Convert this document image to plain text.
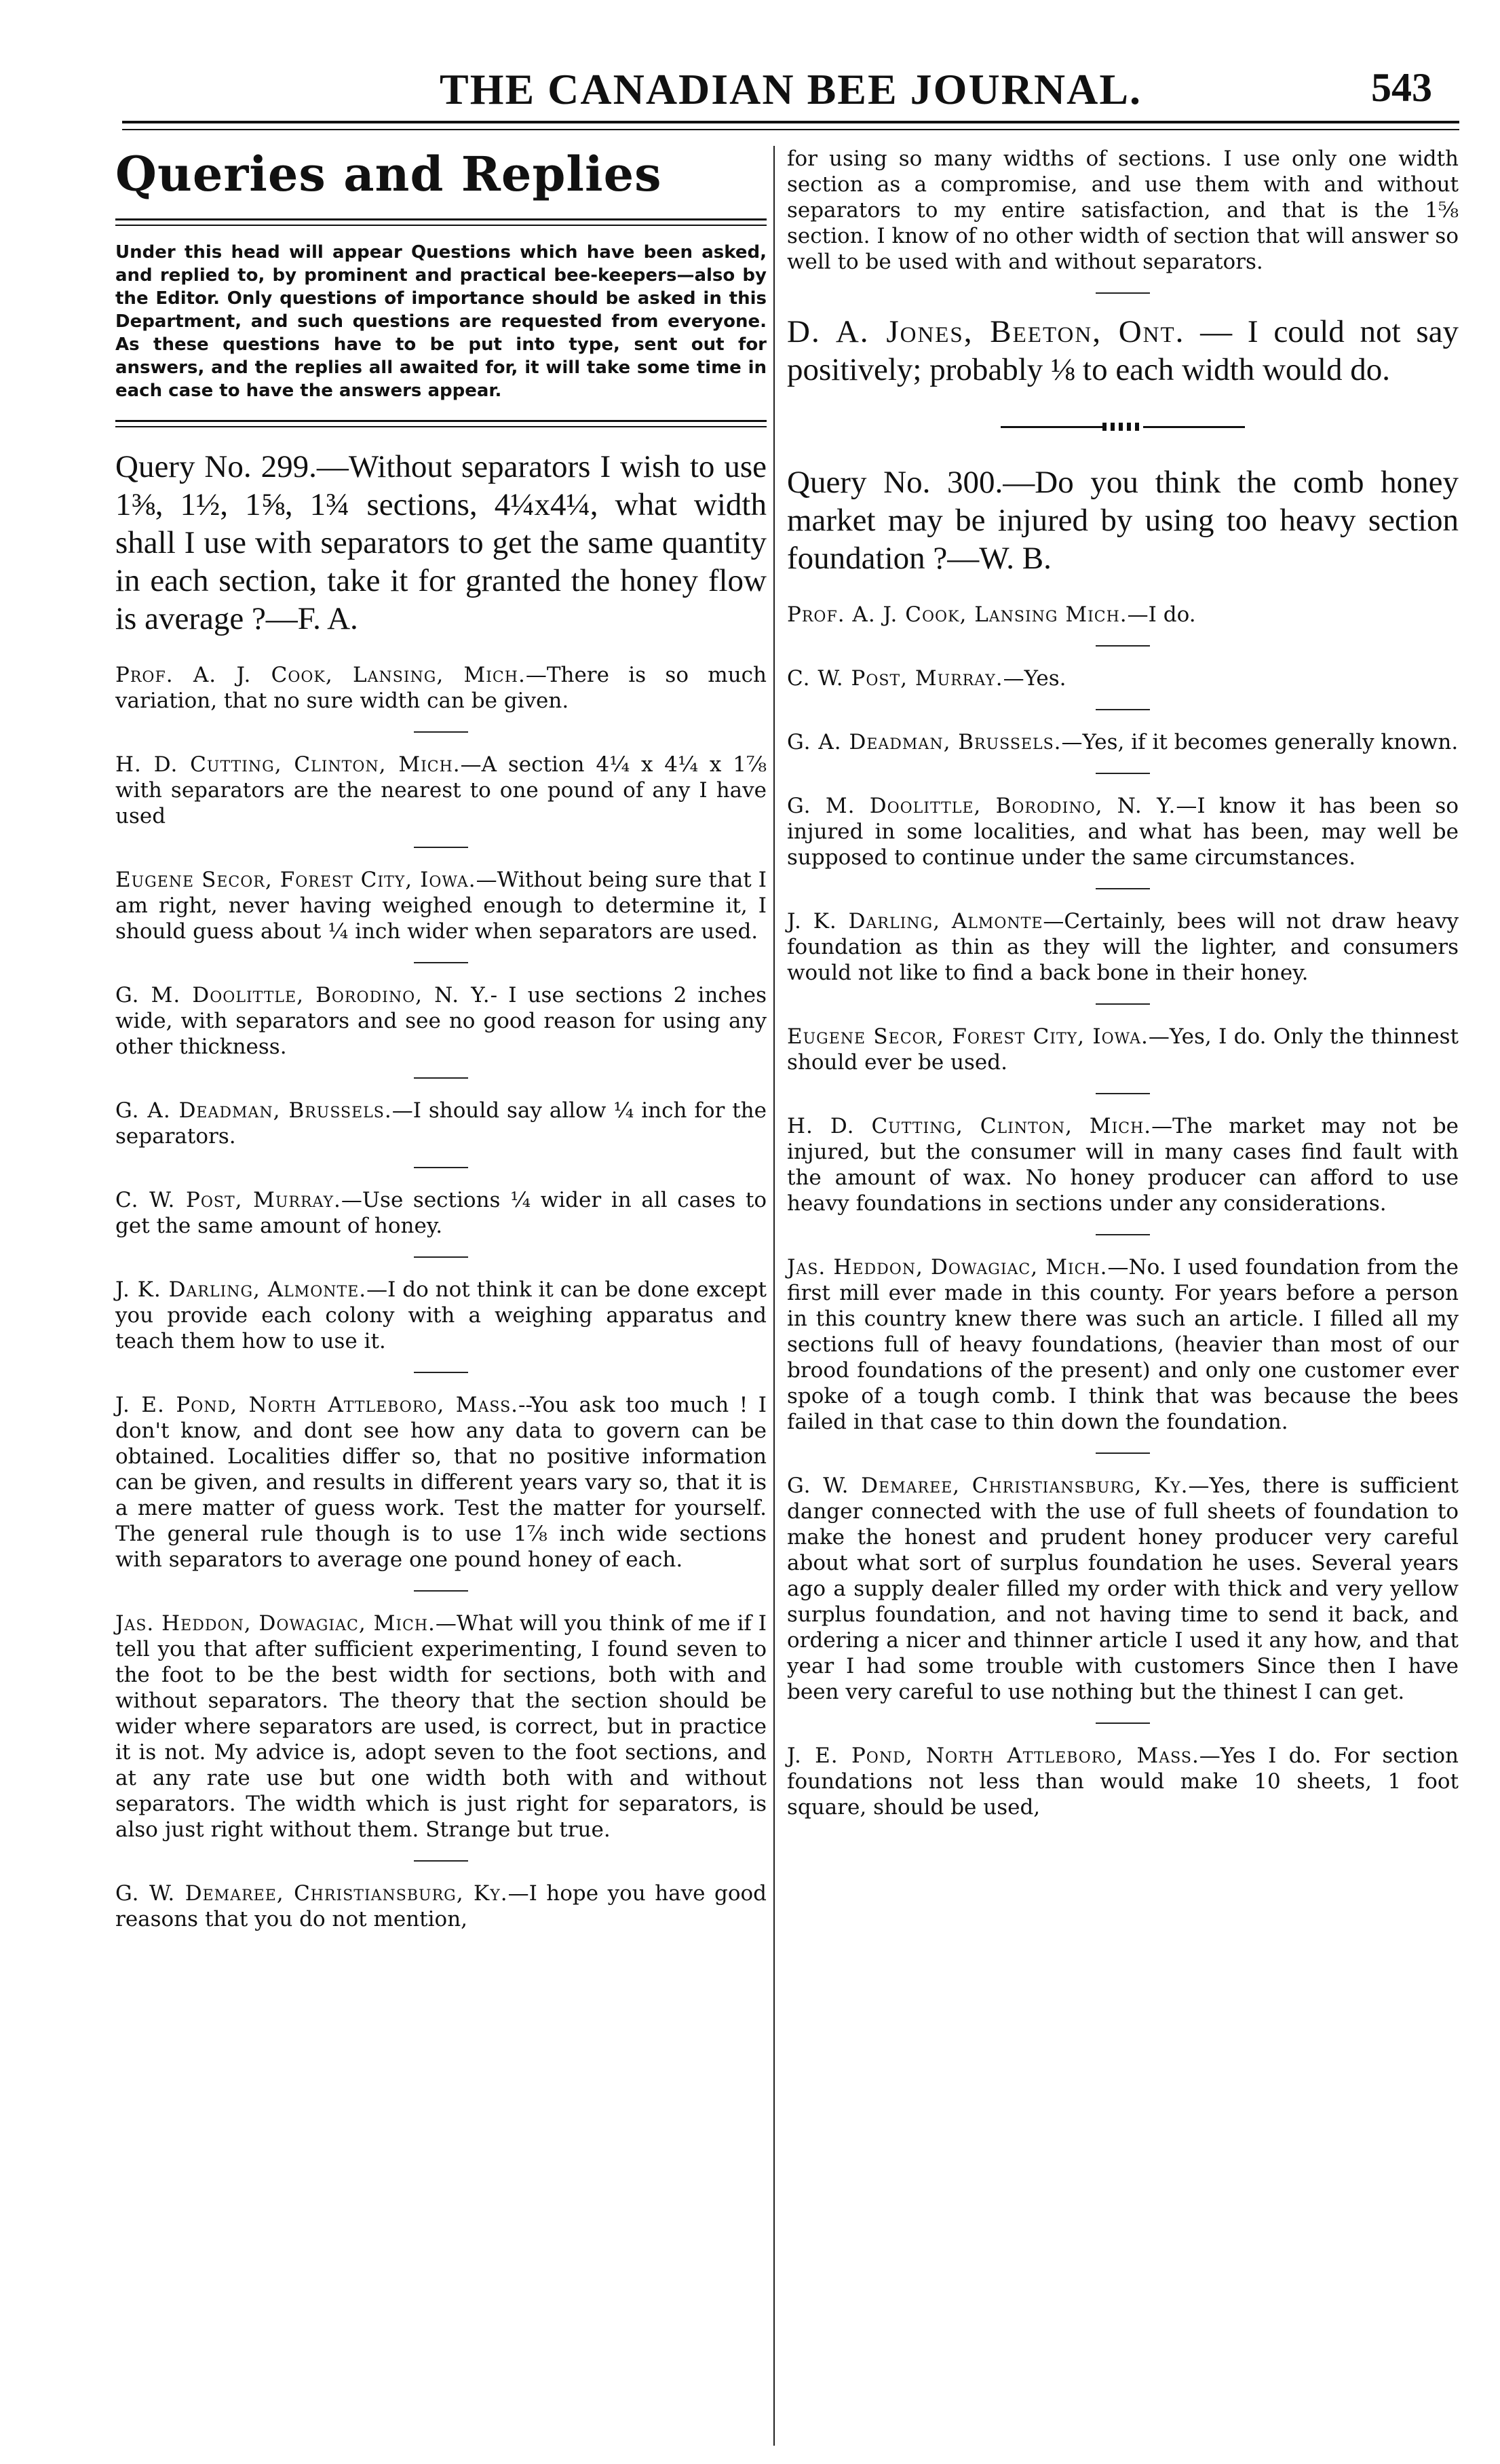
THE CANADIAN BEE JOURNAL.	543
Queries and Replies

Under this head will appear Questions which have been asked, and replied to, by prominent and practical bee-keepers—also by the Editor. Only questions of importance should be asked in this Department, and such questions are requested from everyone. As these questions have to be put into type, sent out for answers, and the replies all awaited for, it will take some time in each case to have the answers appear.

Query No. 299.—Without separators I wish to use 1⅜, 1½, 1⅝, 1¾ sections, 4¼x4¼, what width shall I use with separators to get the same quantity in each section, take it for granted the honey flow is average ?—F. A.

Prof. A. J. Cook, Lansing, Mich.—There is so much variation, that no sure width can be given.

H. D. Cutting, Clinton, Mich.—A section 4¼ x 4¼ x 1⅞ with separators are the nearest to one pound of any I have used

Eugene Secor, Forest City, Iowa.—Without being sure that I am right, never having weighed enough to determine it, I should guess about ¼ inch wider when separators are used.

G. M. Doolittle, Borodino, N. Y.- I use sections 2 inches wide, with separators and see no good reason for using any other thickness.

G. A. Deadman, Brussels.—I should say allow ¼ inch for the separators.

C. W. Post, Murray.—Use sections ¼ wider in all cases to get the same amount of honey.

J. K. Darling, Almonte.—I do not think it can be done except you provide each colony with a weighing apparatus and teach them how to use it.

J. E. Pond, North Attleboro, Mass.--You ask too much ! I don't know, and dont see how any data to govern can be obtained. Localities differ so, that no positive information can be given, and results in different years vary so, that it is a mere matter of guess work. Test the matter for yourself. The general rule though is to use 1⅞ inch wide sections with separators to average one pound honey of each.

Jas. Heddon, Dowagiac, Mich.—What will you think of me if I tell you that after sufficient experimenting, I found seven to the foot to be the best width for sections, both with and without separators. The theory that the section should be wider where separators are used, is correct, but in practice it is not. My advice is, adopt seven to the foot sections, and at any rate use but one width both with and without separators. The width which is just right for separators, is also just right without them. Strange but true.

G. W. Demaree, Christiansburg, Ky.—I hope you have good reasons that you do not mention,

for using so many widths of sections. I use only one width section as a compromise, and use them with and without separators to my entire satisfaction, and that is the 1⅝ section. I know of no other width of section that will answer so well to be used with and without separators.

D. A. Jones, Beeton, Ont. — I could not say positively; probably ⅛ to each width would do.

Query No. 300.—Do you think the comb honey market may be injured by using too heavy section foundation ?—W. B.

Prof. A. J. Cook, Lansing Mich.—I do.

C. W. Post, Murray.—Yes.

G. A. Deadman, Brussels.—Yes, if it becomes generally known.

G. M. Doolittle, Borodino, N. Y.—I know it has been so injured in some localities, and what has been, may well be supposed to continue under the same circumstances.

J. K. Darling, Almonte—Certainly, bees will not draw heavy foundation as thin as they will the lighter, and consumers would not like to find a back bone in their honey.

Eugene Secor, Forest City, Iowa.—Yes, I do. Only the thinnest should ever be used.

H. D. Cutting, Clinton, Mich.—The market may not be injured, but the consumer will in many cases find fault with the amount of wax. No honey producer can afford to use heavy foundations in sections under any considerations.

Jas. Heddon, Dowagiac, Mich.—No. I used foundation from the first mill ever made in this county. For years before a person in this country knew there was such an article. I filled all my sections full of heavy foundations, (heavier than most of our brood foundations of the present) and only one customer ever spoke of a tough comb. I think that was because the bees failed in that case to thin down the foundation.

G. W. Demaree, Christiansburg, Ky.—Yes, there is sufficient danger connected with the use of full sheets of foundation to make the honest and prudent honey producer very careful about what sort of surplus foundation he uses. Several years ago a supply dealer filled my order with thick and very yellow surplus foundation, and not having time to send it back, and ordering a nicer and thinner article I used it any how, and that year I had some trouble with customers Since then I have been very careful to use nothing but the thinest I can get.

J. E. Pond, North Attleboro, Mass.—Yes I do. For section foundations not less than would make 10 sheets, 1 foot square, should be used,
